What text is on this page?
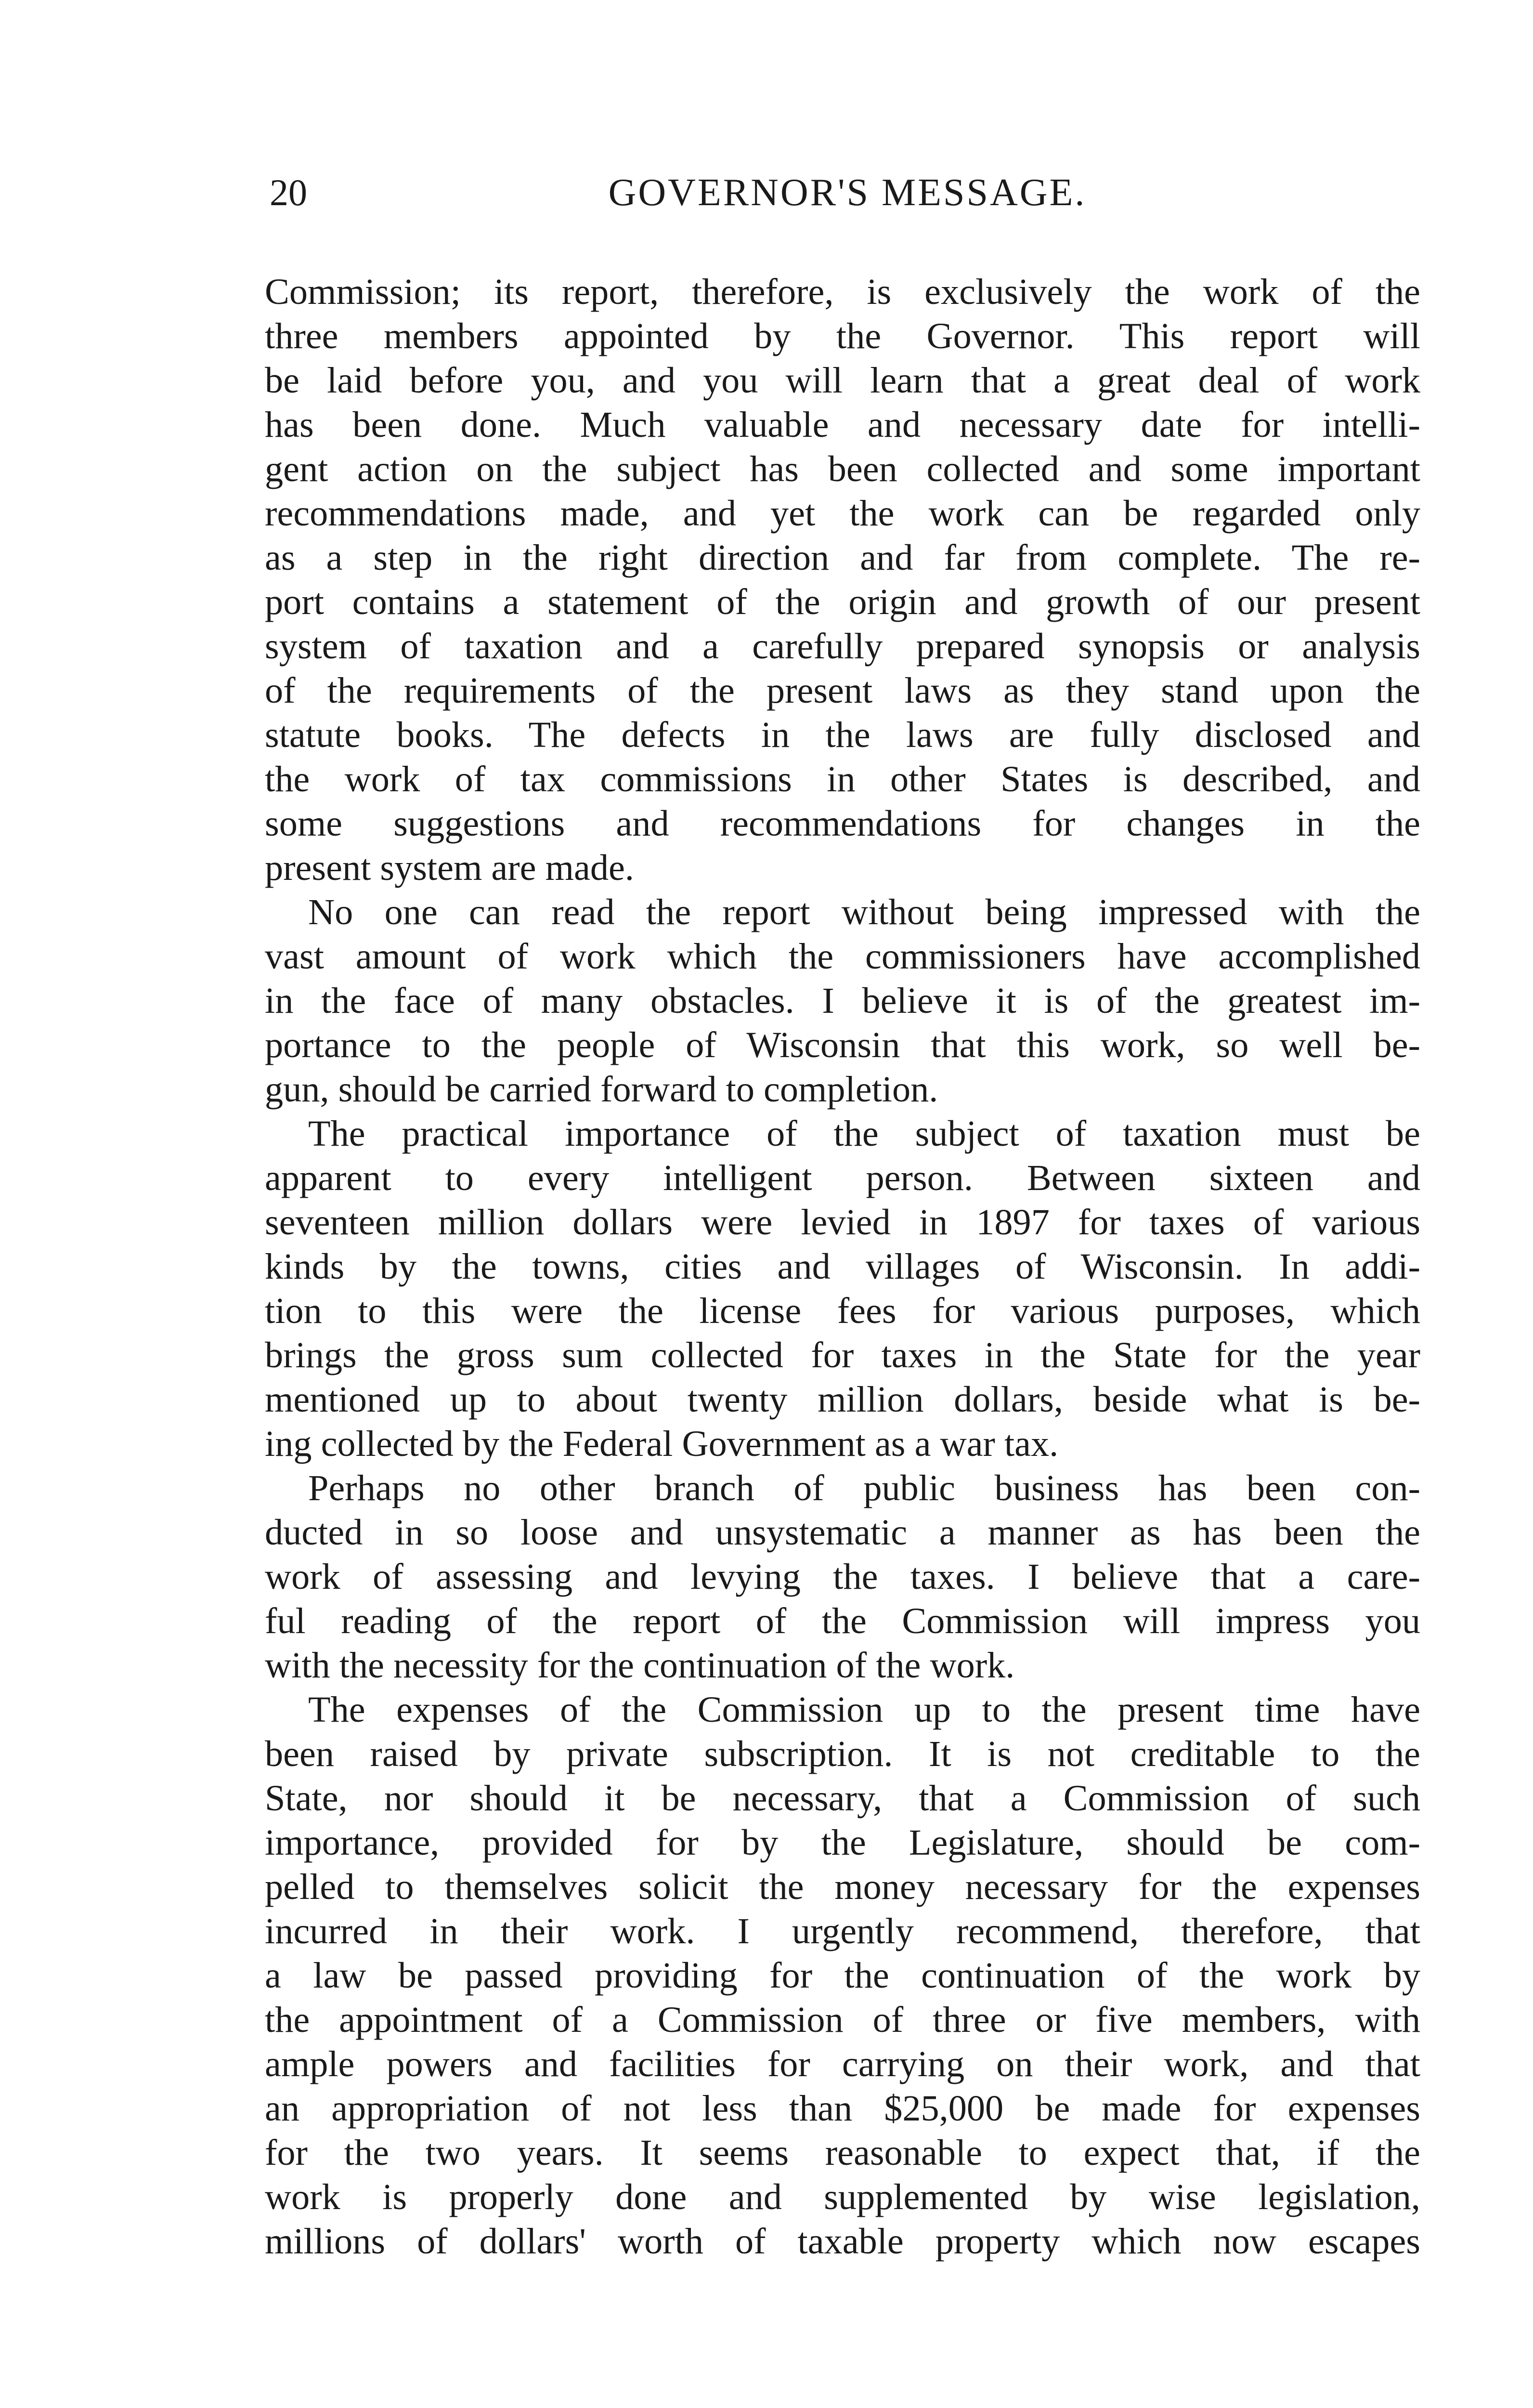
20	GOVERNOR'S MESSAGE.

Commission; its report, therefore, is exclusively the work of the
three members appointed by the Governor. This report will
be laid before you, and you will learn that a great deal of work
has been done. Much valuable and necessary date for intelli-
gent action on the subject has been collected and some important
recommendations made, and yet the work can be regarded only
as a step in the right direction and far from complete. The re-
port contains a statement of the origin and growth of our present
system of taxation and a carefully prepared synopsis or analysis
of the requirements of the present laws as they stand upon the
statute books. The defects in the laws are fully disclosed and
the work of tax commissions in other States is described, and
some suggestions and recommendations for changes in the
present system are made.

No one can read the report without being impressed with the
vast amount of work which the commissioners have accomplished
in the face of many obstacles. I believe it is of the greatest im-
portance to the people of Wisconsin that this work, so well be-
gun, should be carried forward to completion.

The practical importance of the subject of taxation must be
apparent to every intelligent person. Between sixteen and
seventeen million dollars were levied in 1897 for taxes of various
kinds by the towns, cities and villages of Wisconsin. In addi-
tion to this were the license fees for various purposes, which
brings the gross sum collected for taxes in the State for the year
mentioned up to about twenty million dollars, beside what is be-
ing collected by the Federal Government as a war tax.

Perhaps no other branch of public business has been con-
ducted in so loose and unsystematic a manner as has been the
work of assessing and levying the taxes. I believe that a care-
ful reading of the report of the Commission will impress you
with the necessity for the continuation of the work.

The expenses of the Commission up to the present time have
been raised by private subscription. It is not creditable to the
State, nor should it be necessary, that a Commission of such
importance, provided for by the Legislature, should be com-
pelled to themselves solicit the money necessary for the expenses
incurred in their work. I urgently recommend, therefore, that
a law be passed providing for the continuation of the work by
the appointment of a Commission of three or five members, with
ample powers and facilities for carrying on their work, and that
an appropriation of not less than $25,000 be made for expenses
for the two years. It seems reasonable to expect that, if the
work is properly done and supplemented by wise legislation,
millions of dollars' worth of taxable property which now escapes
